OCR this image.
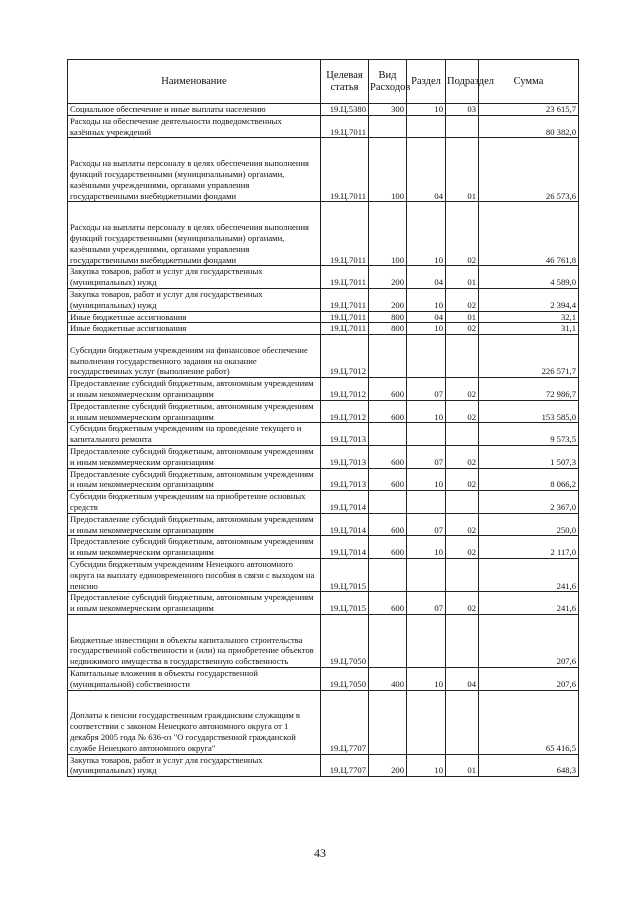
Наименование	Целевая статья	Вид Расходов	Раздел	Подраздел	Сумма
Социальное обеспечение и иные выплаты населению	19.Ц.5380	300	10	03	23 615,7
Расходы на обеспечение деятельности подведомственных казённых учреждений	19.Ц.7011				80 382,0
Расходы на выплаты персоналу в целях обеспечения выполнения функций государственными (муниципальными) органами, казёнными учреждениями, органами управления государственными внебюджетными фондами	19.Ц.7011	100	04	01	26 573,6
Расходы на выплаты персоналу в целях обеспечения выполнения функций государственными (муниципальными) органами, казёнными учреждениями, органами управления государственными внебюджетными фондами	19.Ц.7011	100	10	02	46 761,8
Закупка товаров, работ и услуг для государственных (муниципальных) нужд	19.Ц.7011	200	04	01	4 589,0
Закупка товаров, работ и услуг для государственных (муниципальных) нужд	19.Ц.7011	200	10	02	2 394,4
Иные бюджетные ассигнования	19.Ц.7011	800	04	01	32,1
Иные бюджетные ассигнования	19.Ц.7011	800	10	02	31,1
Субсидии бюджетным учреждениям на финансовое обеспечение выполнения государственного задания на оказание государственных услуг (выполнение работ)	19.Ц.7012				226 571,7
Предоставление субсидий бюджетным, автономным учреждениям и иным некоммерческим организациям	19.Ц.7012	600	07	02	72 986,7
Предоставление субсидий бюджетным, автономным учреждениям и иным некоммерческим организациям	19.Ц.7012	600	10	02	153 585,0
Субсидии бюджетным учреждениям на проведение текущего и капитального ремонта	19.Ц.7013				9 573,5
Предоставление субсидий бюджетным, автономным учреждениям и иным некоммерческим организациям	19.Ц.7013	600	07	02	1 507,3
Предоставление субсидий бюджетным, автономным учреждениям и иным некоммерческим организациям	19.Ц.7013	600	10	02	8 066,2
Субсидии бюджетным учреждениям на приобретение основных средств	19.Ц.7014				2 367,0
Предоставление субсидий бюджетным, автономным учреждениям и иным некоммерческим организациям	19.Ц.7014	600	07	02	250,0
Предоставление субсидий бюджетным, автономным учреждениям и иным некоммерческим организациям	19.Ц.7014	600	10	02	2 117,0
Субсидии бюджетным учреждениям Ненецкого автономного округа на выплату единовременного пособия в связи с выходом на пенсию	19.Ц.7015				241,6
Предоставление субсидий бюджетным, автономным учреждениям и иным некоммерческим организациям	19.Ц.7015	600	07	02	241,6
Бюджетные инвестиции в объекты капитального строительства государственной собственности и (или) на приобретение объектов недвижимого имущества в государственную собственность	19.Ц.7050				207,6
Капитальные вложения в объекты государственной (муниципальной) собственности	19.Ц.7050	400	10	04	207,6
Доплаты к пенсии государственным гражданским служащим в соответствии с законом Ненецкого автономного округа от 1 декабря 2005 года № 636-оз "О государственной гражданской службе Ненецкого автономного округа"	19.Ц.7707				65 416,5
Закупка товаров, работ и услуг для государственных (муниципальных) нужд	19.Ц.7707	200	10	01	648,3
43
